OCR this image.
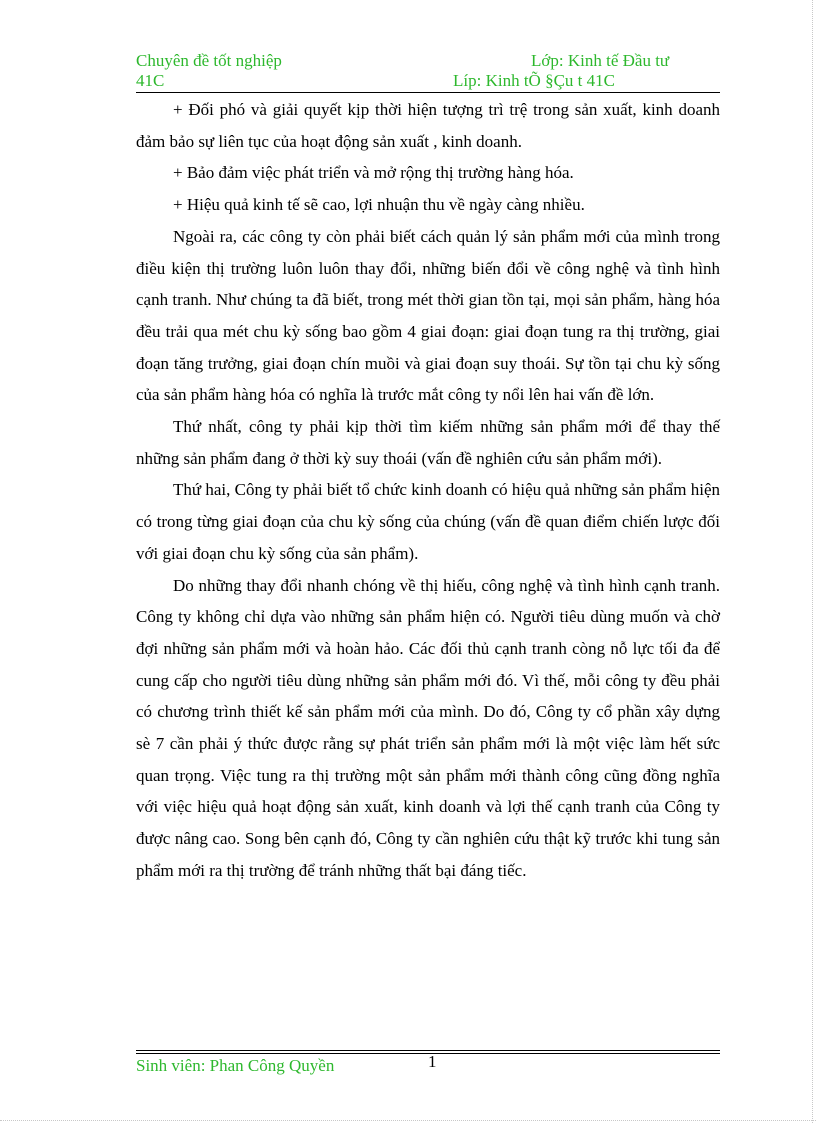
Chuyên đề tốt nghiệp
41C
Lớp: Kinh tế Đầu tư
Líp: Kinh tÕ §Çu t 41C

+ Đối phó và giải quyết kịp thời hiện tượng trì trệ trong sản xuất, kinh doanh đảm bảo sự liên tục của hoạt động sản xuất , kinh doanh.

+ Bảo đảm việc phát triển và mở rộng thị trường hàng hóa.

+ Hiệu quả kinh tế sẽ cao, lợi nhuận thu về ngày càng nhiều.

Ngoài ra, các công ty còn phải biết cách quản lý sản phẩm mới của mình trong điều kiện thị trường luôn luôn thay đổi, những biến đổi về công nghệ và tình hình cạnh tranh. Như chúng ta đã biết, trong mét thời gian tồn tại, mọi sản phẩm, hàng hóa đều trải qua mét chu kỳ sống bao gồm 4 giai đoạn: giai đoạn tung ra thị trường, giai đoạn tăng trưởng, giai đoạn chín muồi và giai đoạn suy thoái. Sự tồn tại chu kỳ sống của sản phẩm hàng hóa có nghĩa là trước mắt công ty nổi lên hai vấn đề lớn.

Thứ nhất, công ty phải kịp thời tìm kiếm những sản phẩm mới để thay thế những sản phẩm đang ở thời kỳ suy thoái (vấn đề nghiên cứu sản phẩm mới).

Thứ hai, Công ty phải biết tổ chức kinh doanh có hiệu quả những sản phẩm hiện có trong từng giai đoạn của chu kỳ sống của chúng (vấn đề quan điểm chiến lược đối với giai đoạn chu kỳ sống của sản phẩm).

Do những thay đổi nhanh chóng về thị hiếu, công nghệ và tình hình cạnh tranh. Công ty không chỉ dựa vào những sản phẩm hiện có. Người tiêu dùng muốn và chờ đợi những sản phẩm mới và hoàn hảo. Các đối thủ cạnh tranh còng nỗ lực tối đa để cung cấp cho người tiêu dùng những sản phẩm mới đó. Vì thế, mỗi công ty đều phải có chương trình thiết kế sản phẩm mới của mình. Do đó, Công ty cổ phần xây dựng sè 7 cần phải ý thức được rằng sự phát triển sản phẩm mới là một việc làm hết sức quan trọng. Việc tung ra thị trường một sản phẩm mới thành công cũng đồng nghĩa với việc hiệu quả hoạt động sản xuất, kinh doanh và lợi thế cạnh tranh của Công ty được nâng cao. Song bên cạnh đó, Công ty cần nghiên cứu thật kỹ trước khi tung sản phẩm mới ra thị trường để tránh những thất bại đáng tiếc.

Sinh viên: Phan Công Quyền	1
